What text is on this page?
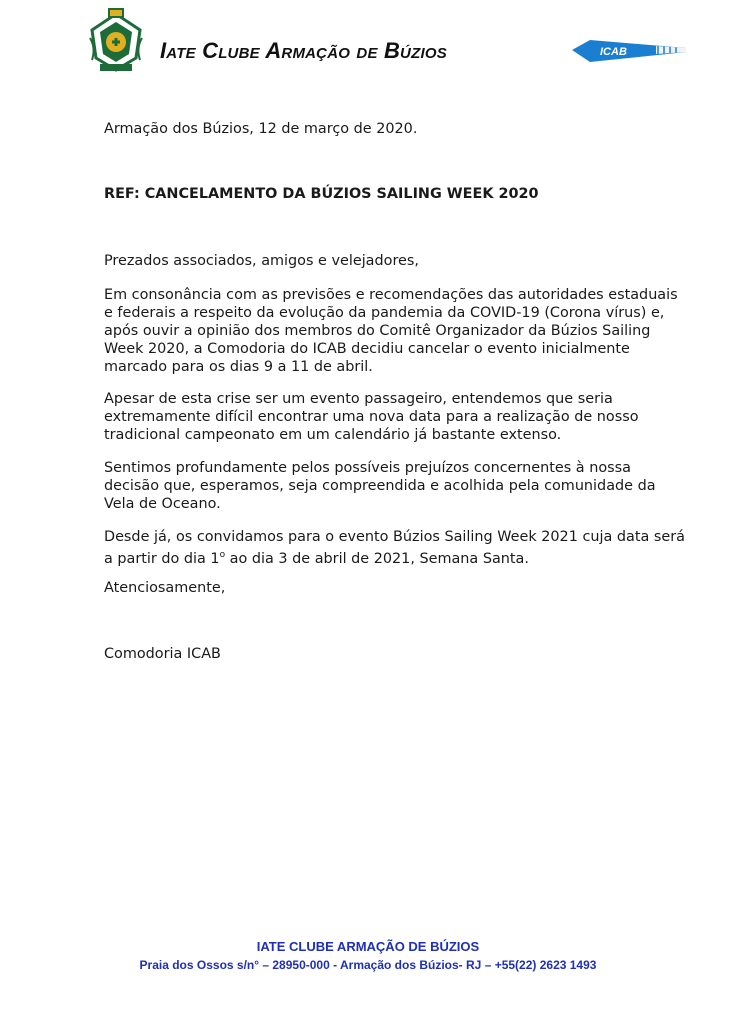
Iate Clube Armação de Búzios	ICAB
Armação dos Búzios, 12 de março de 2020.
REF: CANCELAMENTO DA BÚZIOS SAILING WEEK 2020
Prezados associados, amigos e velejadores,
Em consonância com as previsões e recomendações das autoridades estaduais e federais a respeito da evolução da pandemia da COVID-19 (Corona vírus) e, após ouvir a opinião dos membros do Comitê Organizador da Búzios Sailing Week 2020, a Comodoria do ICAB decidiu cancelar o evento inicialmente marcado para os dias 9 a 11 de abril.
Apesar de esta crise ser um evento passageiro, entendemos que seria extremamente difícil encontrar uma nova data para a realização de nosso tradicional campeonato em um calendário já bastante extenso.
Sentimos profundamente pelos possíveis prejuízos concernentes à nossa decisão que, esperamos, seja compreendida e acolhida pela comunidade da Vela de Oceano.
Desde já, os convidamos para o evento Búzios Sailing Week 2021 cuja data será a partir do dia 1$^o$ ao dia 3 de abril de 2021, Semana Santa.
Atenciosamente,
Comodoria ICAB
IATE CLUBE ARMAÇÃO DE BÚZIOS
Praia dos Ossos s/n° – 28950-000 - Armação dos Búzios- RJ – +55(22) 2623 1493
